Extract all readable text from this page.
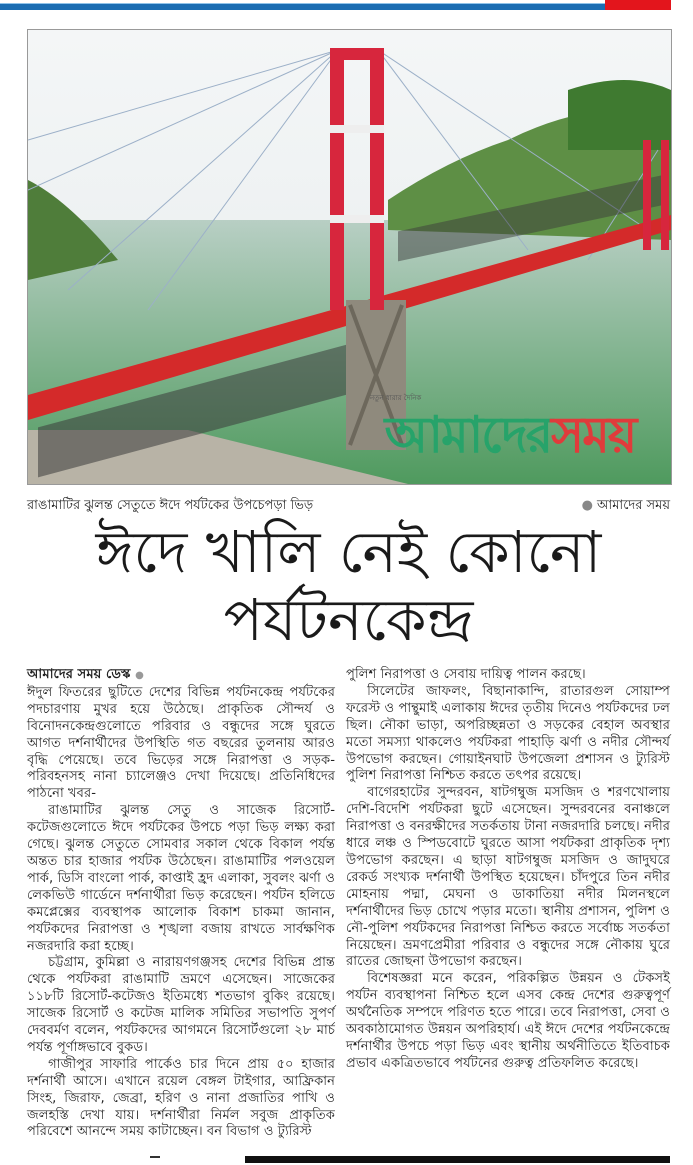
নতুন ধারার দৈনিক
আমাদেরসময়
রাঙামাটির ঝুলন্ত সেতুতে ঈদে পর্যটকের উপচেপড়া ভিড়	● আমাদের সময়
ঈদে খালি নেই কোনো
পর্যটনকেন্দ্র

আমাদের সময় ডেস্ক ●

ঈদুল ফিতরের ছুটিতে দেশের বিভিন্ন পর্যটনকেন্দ্র পর্যটকের পদচারণায় মুখর হয়ে উঠেছে। প্রাকৃতিক সৌন্দর্য ও বিনোদনকেন্দ্রগুলোতে পরিবার ও বন্ধুদের সঙ্গে ঘুরতে আগত দর্শনার্থীদের উপস্থিতি গত বছরের তুলনায় আরও বৃদ্ধি পেয়েছে। তবে ভিড়ের সঙ্গে নিরাপত্তা ও সড়ক-পরিবহনসহ নানা চ্যালেঞ্জও দেখা দিয়েছে। প্রতিনিধিদের পাঠনো খবর-

রাঙামাটির ঝুলন্ত সেতু ও সাজেক রিসোর্ট-কটেজগুলোতে ঈদে পর্যটকের উপচে পড়া ভিড় লক্ষ্য করা গেছে। ঝুলন্ত সেতুতে সোমবার সকাল থেকে বিকাল পর্যন্ত অন্তত চার হাজার পর্যটক উঠেছেন। রাঙামাটির পলওয়েল পার্ক, ডিসি বাংলো পার্ক, কাপ্তাই হ্রদ এলাকা, সুবলং ঝর্ণা ও লেকভিউ গার্ডেনে দর্শনার্থীরা ভিড় করেছেন। পর্যটন হলিডে কমপ্লেক্সের ব্যবস্থাপক আলোক বিকাশ চাকমা জানান, পর্যটকদের নিরাপত্তা ও শৃঙ্খলা বজায় রাখতে সার্বক্ষণিক নজরদারি করা হচ্ছে।

চট্টগ্রাম, কুমিল্লা ও নারায়ণগঞ্জসহ দেশের বিভিন্ন প্রান্ত থেকে পর্যটকরা রাঙামাটি ভ্রমণে এসেছেন। সাজেকের ১১৮টি রিসোর্ট-কটেজও ইতিমধ্যে শতভাগ বুকিং রয়েছে। সাজেক রিসোর্ট ও কটেজ মালিক সমিতির সভাপতি সুপর্ণ দেববর্মণ বলেন, পর্যটকদের আগমনে রিসোর্টগুলো ২৮ মার্চ পর্যন্ত পূর্ণাঙ্গভাবে বুকড।

গাজীপুর সাফারি পার্কেও চার দিনে প্রায় ৫০ হাজার দর্শনার্থী আসে। এখানে রয়েল বেঙ্গল টাইগার, আফ্রিকান সিংহ, জিরাফ, জেব্রা, হরিণ ও নানা প্রজাতির পাখি ও জলহস্তি দেখা যায়। দর্শনার্থীরা নির্মল সবুজ প্রাকৃতিক পরিবেশে আনন্দে সময় কাটাচ্ছেন। বন বিভাগ ও ট্যুরিস্ট

পুলিশ নিরাপত্তা ও সেবায় দায়িত্ব পালন করছে।

সিলেটের জাফলং, বিছানাকান্দি, রাতারগুল সোয়াম্প ফরেস্ট ও পান্থুমাই এলাকায় ঈদের তৃতীয় দিনেও পর্যটকদের ঢল ছিল। নৌকা ভাড়া, অপরিচ্ছন্নতা ও সড়কের বেহাল অবস্থার মতো সমস্যা থাকলেও পর্যটকরা পাহাড়ি ঝর্ণা ও নদীর সৌন্দর্য উপভোগ করছেন। গোয়াইনঘাট উপজেলা প্রশাসন ও ট্যুরিস্ট পুলিশ নিরাপত্তা নিশ্চিত করতে তৎপর রয়েছে।

বাগেরহাটের সুন্দরবন, ষাটগম্বুজ মসজিদ ও শরণখোলায় দেশি-বিদেশি পর্যটকরা ছুটে এসেছেন। সুন্দরবনের বনাঞ্চলে নিরাপত্তা ও বনরক্ষীদের সতর্কতায় টানা নজরদারি চলছে। নদীর ধারে লঞ্চ ও স্পিডবোটে ঘুরতে আসা পর্যটকরা প্রাকৃতিক দৃশ্য উপভোগ করছেন। এ ছাড়া ষাটগম্বুজ মসজিদ ও জাদুঘরে রেকর্ড সংখ্যক দর্শনার্থী উপস্থিত হয়েছেন। চাঁদপুরে তিন নদীর মোহনায় পদ্মা, মেঘনা ও ডাকাতিয়া নদীর মিলনস্থলে দর্শনার্থীদের ভিড় চোখে পড়ার মতো। স্থানীয় প্রশাসন, পুলিশ ও নৌ-পুলিশ পর্যটকদের নিরাপত্তা নিশ্চিত করতে সর্বোচ্চ সতর্কতা নিয়েছেন। ভ্রমণপ্রেমীরা পরিবার ও বন্ধুদের সঙ্গে নৌকায় ঘুরে রাতের জোছনা উপভোগ করছেন।

বিশেষজ্ঞরা মনে করেন, পরিকল্পিত উন্নয়ন ও টেকসই পর্যটন ব্যবস্থাপনা নিশ্চিত হলে এসব কেন্দ্র দেশের গুরুত্বপূর্ণ অর্থনৈতিক সম্পদে পরিণত হতে পারে। তবে নিরাপত্তা, সেবা ও অবকাঠামোগত উন্নয়ন অপরিহার্য। এই ঈদে দেশের পর্যটনকেন্দ্রে দর্শনার্থীর উপচে পড়া ভিড় এবং স্থানীয় অর্থনীতিতে ইতিবাচক প্রভাব একত্রিতভাবে পর্যটনের গুরুত্ব প্রতিফলিত করেছে।
